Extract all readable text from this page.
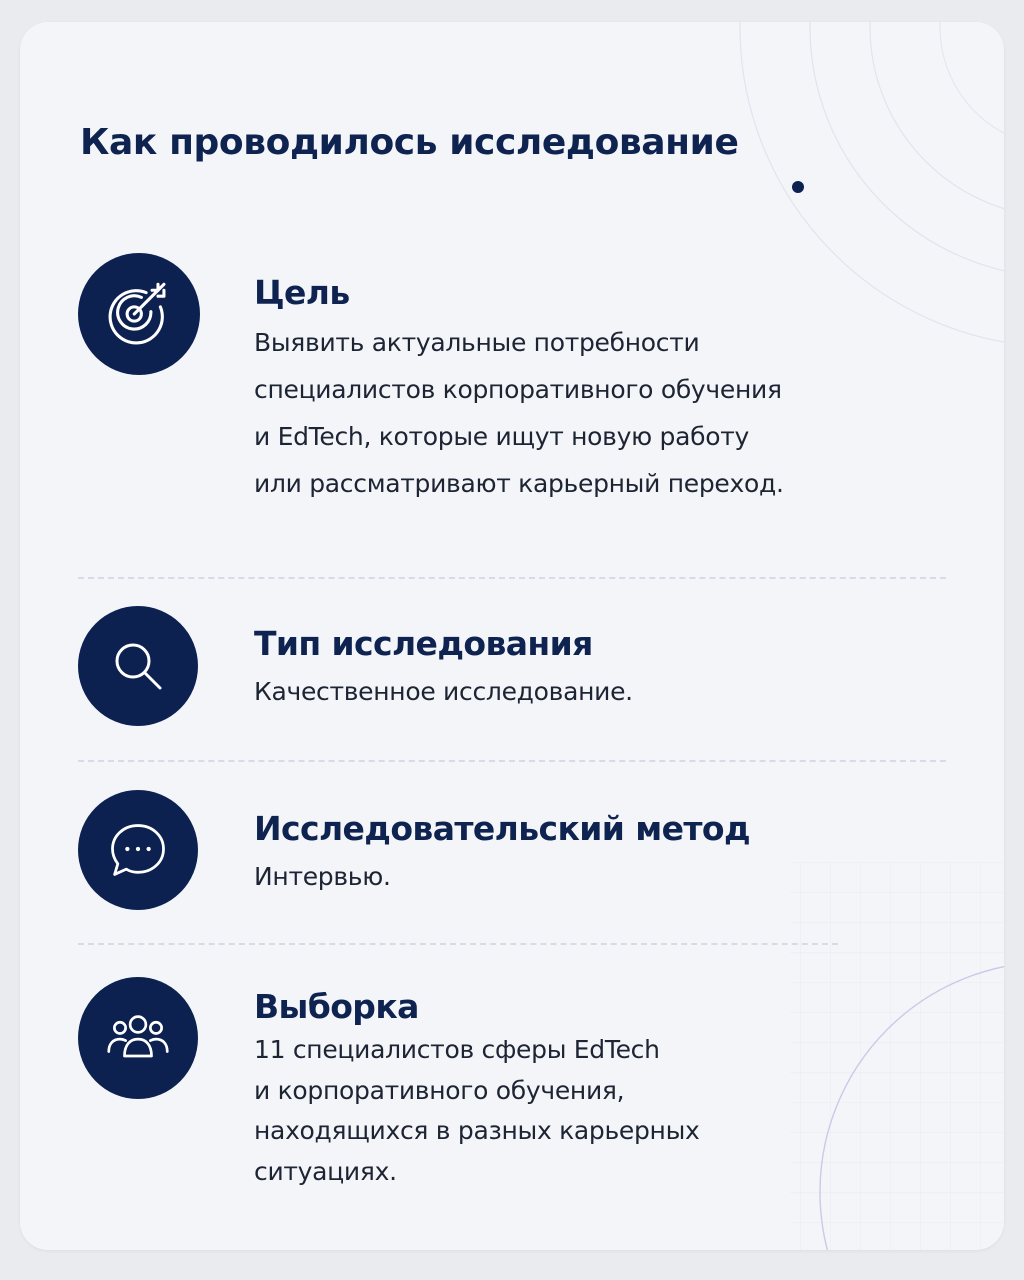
Как проводилось исследование
Цель

Выявить актуальные потребности
специалистов корпоративного обучения
и EdTech, которые ищут новую работу
или рассматривают карьерный переход.

Тип исследования

Качественное исследование.

Исследовательский метод

Интервью.

Выборка

11 специалистов сферы EdTech
и корпоративного обучения,
находящихся в разных карьерных
ситуациях.
